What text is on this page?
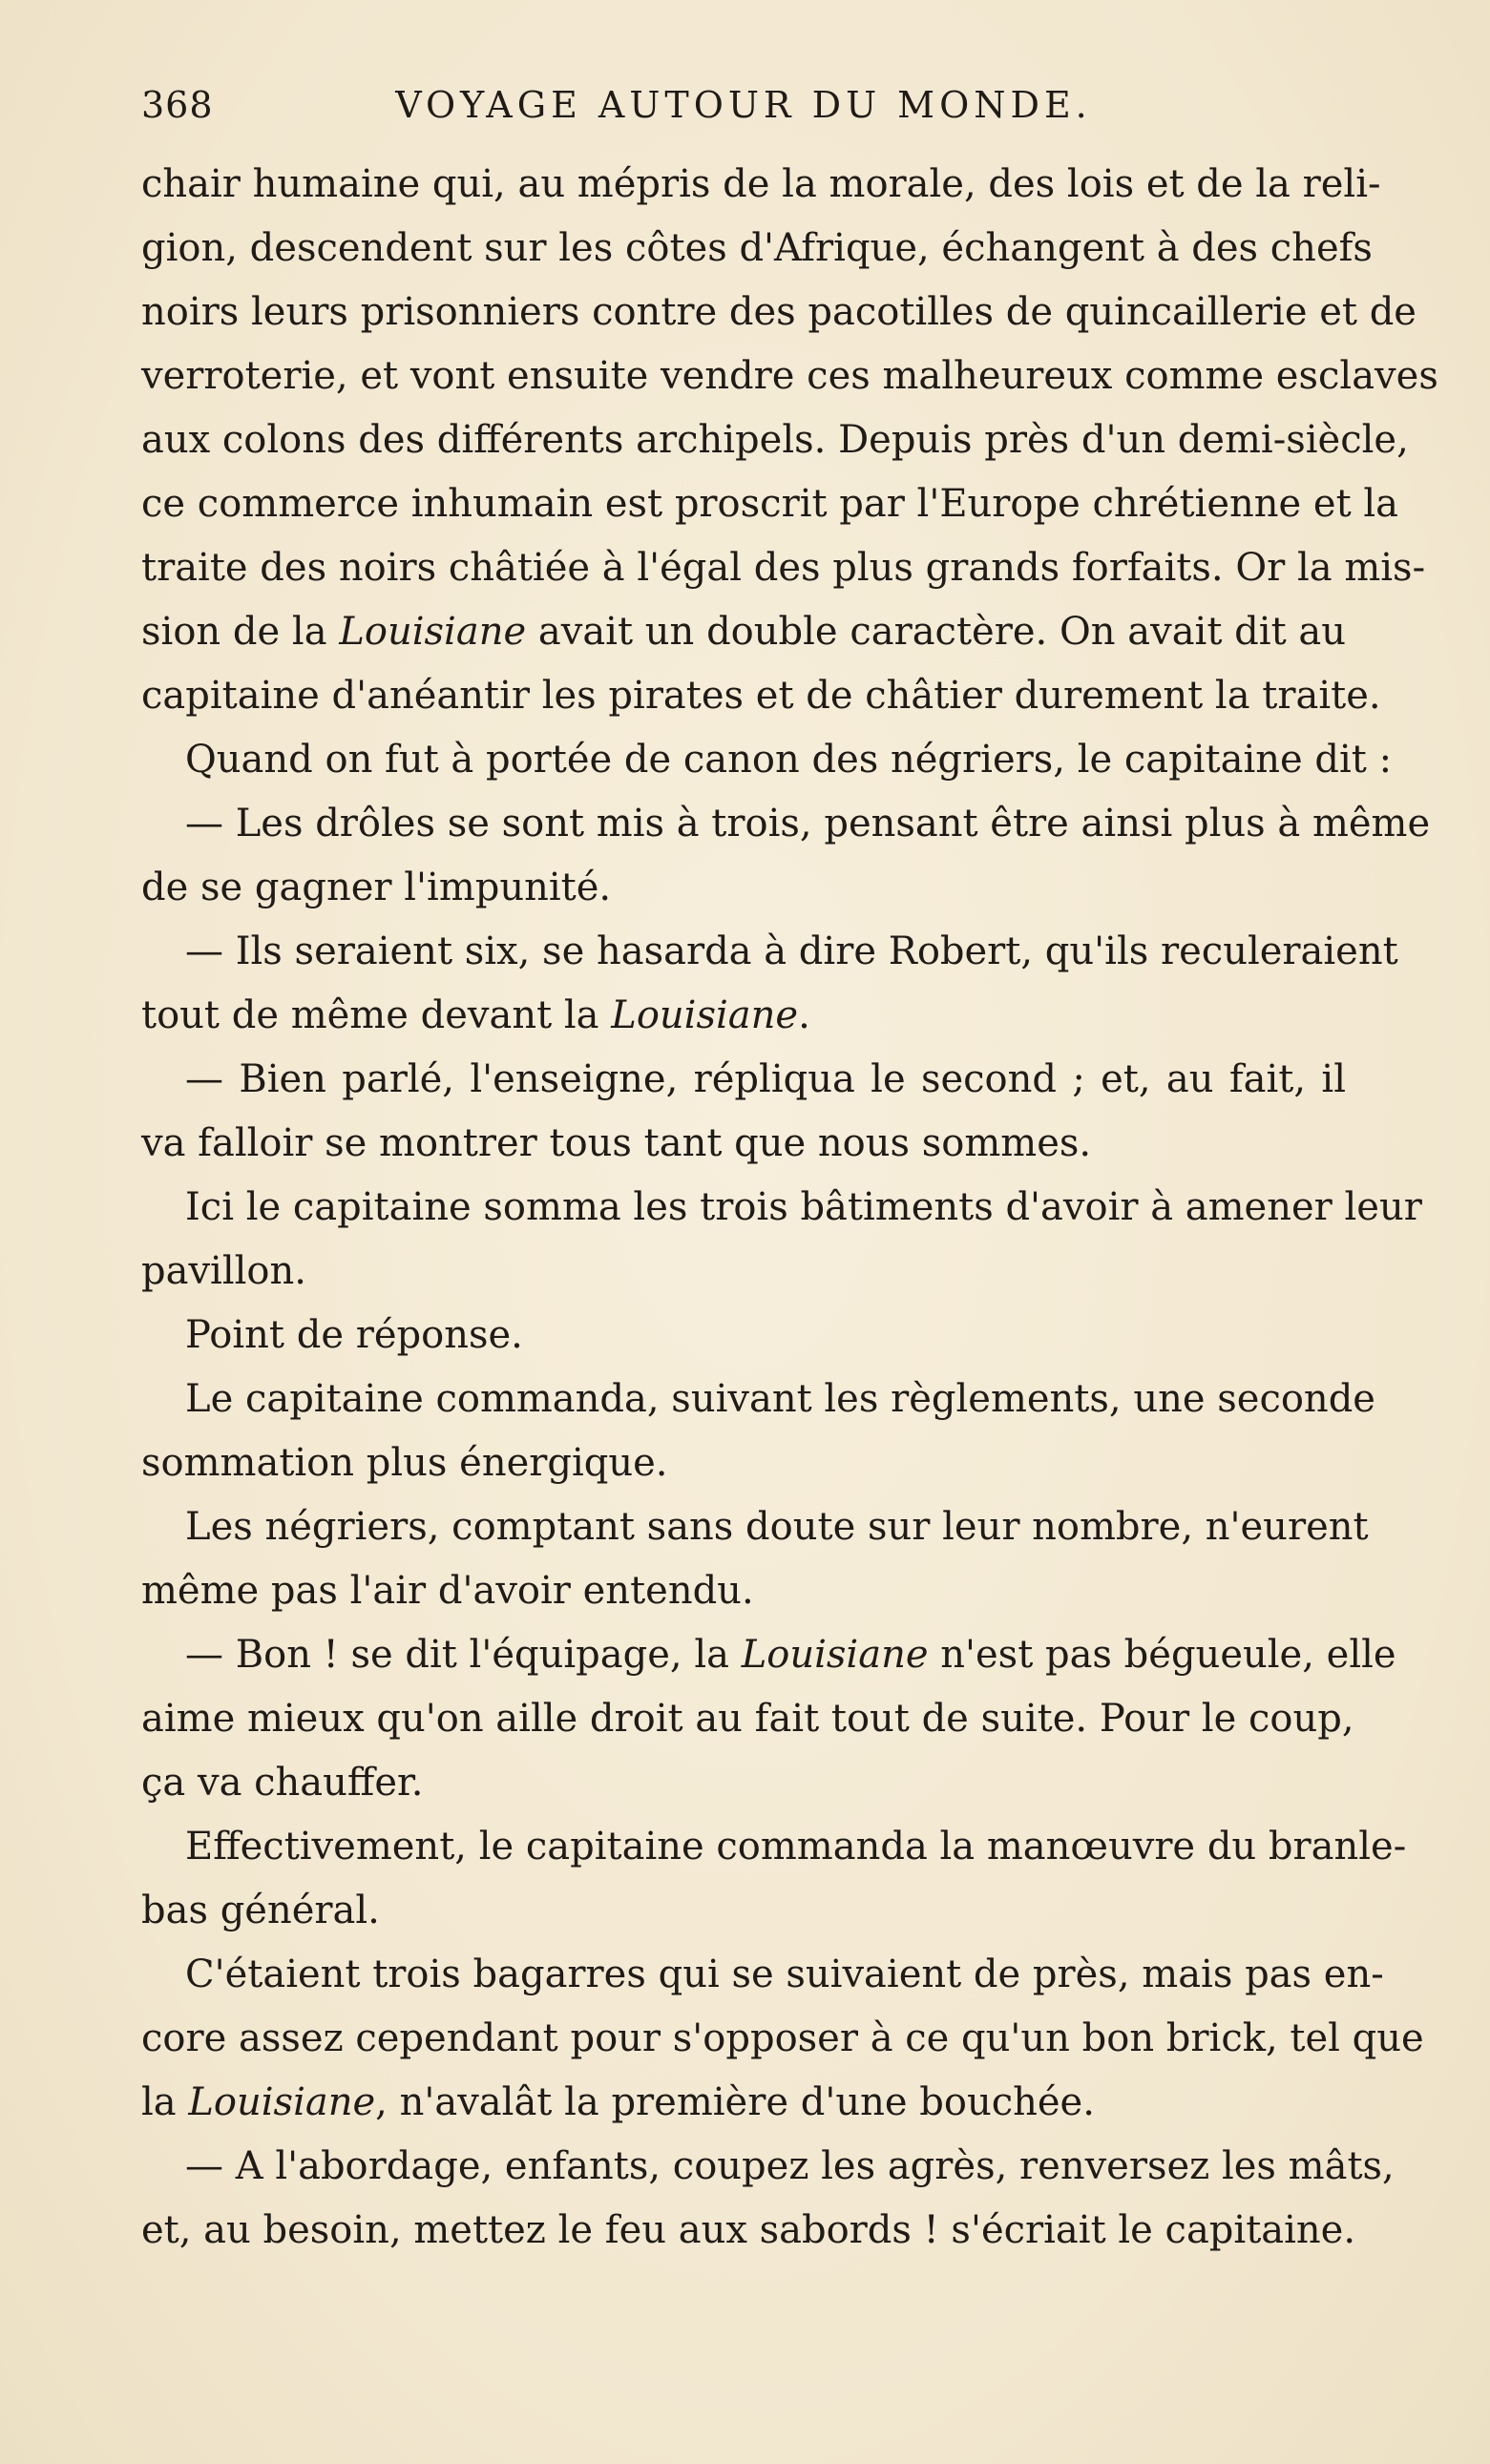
368	VOYAGE AUTOUR DU MONDE.
chair humaine qui, au mépris de la morale, des lois et de la reli-
gion, descendent sur les côtes d'Afrique, échangent à des chefs
noirs leurs prisonniers contre des pacotilles de quincaillerie et de
verroterie, et vont ensuite vendre ces malheureux comme esclaves
aux colons des différents archipels. Depuis près d'un demi-siècle,
ce commerce inhumain est proscrit par l'Europe chrétienne et la
traite des noirs châtiée à l'égal des plus grands forfaits. Or la mis-
sion de la Louisiane avait un double caractère. On avait dit au
capitaine d'anéantir les pirates et de châtier durement la traite.
Quand on fut à portée de canon des négriers, le capitaine dit :
— Les drôles se sont mis à trois, pensant être ainsi plus à même
de se gagner l'impunité.
— Ils seraient six, se hasarda à dire Robert, qu'ils reculeraient
tout de même devant la Louisiane.
— Bien parlé, l'enseigne, répliqua le second ; et, au fait, il
va falloir se montrer tous tant que nous sommes.
Ici le capitaine somma les trois bâtiments d'avoir à amener leur
pavillon.
Point de réponse.
Le capitaine commanda, suivant les règlements, une seconde
sommation plus énergique.
Les négriers, comptant sans doute sur leur nombre, n'eurent
même pas l'air d'avoir entendu.
— Bon ! se dit l'équipage, la Louisiane n'est pas bégueule, elle
aime mieux qu'on aille droit au fait tout de suite. Pour le coup,
ça va chauffer.
Effectivement, le capitaine commanda la manœuvre du branle-
bas général.
C'étaient trois bagarres qui se suivaient de près, mais pas en-
core assez cependant pour s'opposer à ce qu'un bon brick, tel que
la Louisiane, n'avalât la première d'une bouchée.
— A l'abordage, enfants, coupez les agrès, renversez les mâts,
et, au besoin, mettez le feu aux sabords ! s'écriait le capitaine.
